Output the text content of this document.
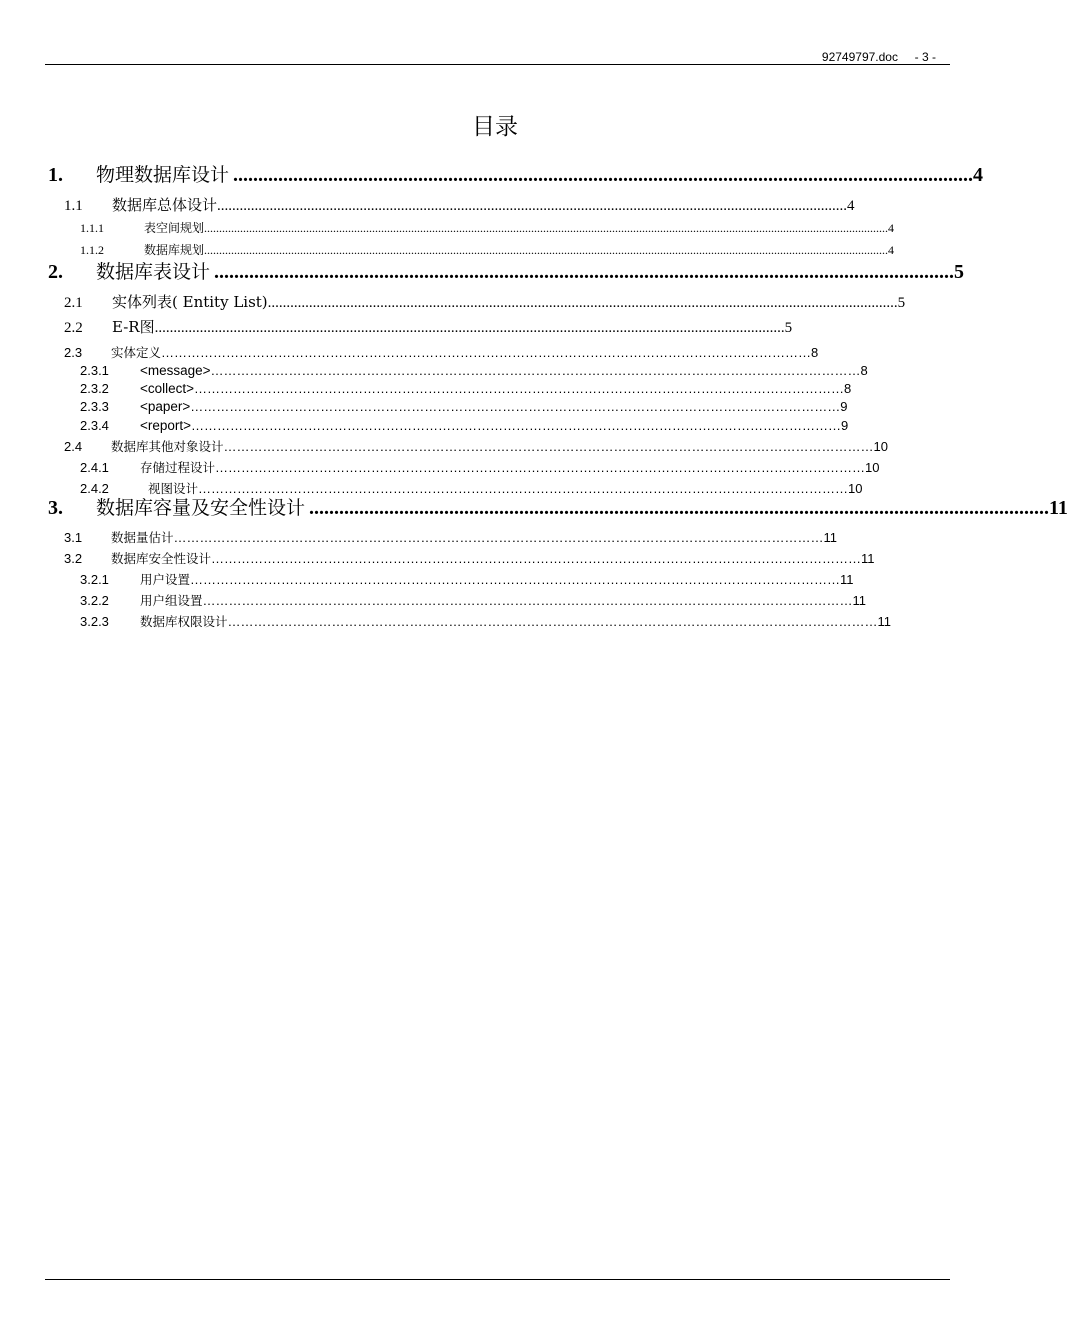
92749797.doc - 3 -
目录
1.	物理数据库设计 .................................................................................................................................................... 4
1.1	数据库总体设计 ........................................................................................................................................................................ 4
1.1.1	表空间规划 .................................................................................................................................................................................................................................... 4
1.1.2	数据库规划 .................................................................................................................................................................................................................................... 4
2.	数据库表设计 .................................................................................................................................................... 5
2.1	实体列表( Entity List) ........................................................................................................................................................................ 5
2.2	E-R图 ........................................................................................................................................................................ 5
2.3	实体定义 …………………………………………………………………………………………………………………………………… 8
2.3.1	<message> …………………………………………………………………………………………………………………………………… 8
2.3.2	<collect> …………………………………………………………………………………………………………………………………… 8
2.3.3	<paper> …………………………………………………………………………………………………………………………………… 9
2.3.4	<report> …………………………………………………………………………………………………………………………………… 9
2.4	数据库其他对象设计 …………………………………………………………………………………………………………………………………… 10
2.4.1	存储过程设计 …………………………………………………………………………………………………………………………………… 10
2.4.2	视图设计 …………………………………………………………………………………………………………………………………… 10
3.	数据库容量及安全性设计 .................................................................................................................................................... 11
3.1	数据量估计 …………………………………………………………………………………………………………………………………… 11
3.2	数据库安全性设计 …………………………………………………………………………………………………………………………………… 11
3.2.1	用户设置 …………………………………………………………………………………………………………………………………… 11
3.2.2	用户组设置 …………………………………………………………………………………………………………………………………… 11
3.2.3	数据库权限设计 …………………………………………………………………………………………………………………………………… 11
